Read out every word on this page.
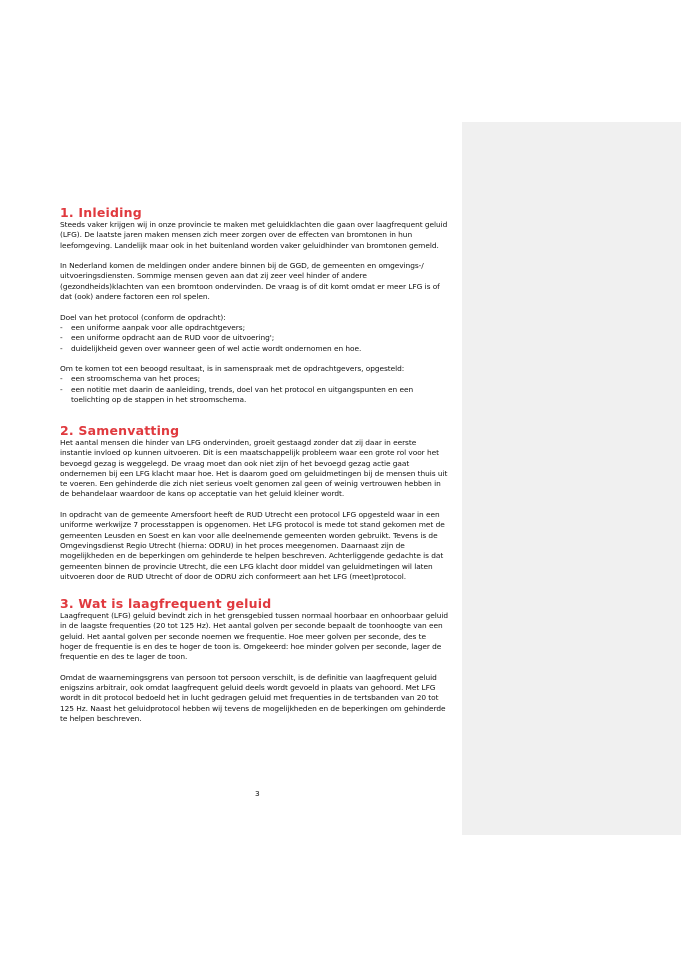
1. Inleiding
Steeds vaker krijgen wij in onze provincie te maken met geluidklachten die gaan over laagfrequent geluid
(LFG). De laatste jaren maken mensen zich meer zorgen over de effecten van bromtonen in hun
leefomgeving. Landelijk maar ook in het buitenland worden vaker geluidhinder van bromtonen gemeld.
In Nederland komen de meldingen onder andere binnen bij de GGD, de gemeenten en omgevings-/
uitvoeringsdiensten. Sommige mensen geven aan dat zij zeer veel hinder of andere
(gezondheids)klachten van een bromtoon ondervinden. De vraag is of dit komt omdat er meer LFG is of
dat (ook) andere factoren een rol spelen.
Doel van het protocol (conform de opdracht):
-	een uniforme aanpak voor alle opdrachtgevers;
-	een uniforme opdracht aan de RUD voor de uitvoering';
-	duidelijkheid geven over wanneer geen of wel actie wordt ondernomen en hoe.
Om te komen tot een beoogd resultaat, is in samenspraak met de opdrachtgevers, opgesteld:
-	een stroomschema van het proces;
-	een notitie met daarin de aanleiding, trends, doel van het protocol en uitgangspunten en een
toelichting op de stappen in het stroomschema.
2. Samenvatting
Het aantal mensen die hinder van LFG ondervinden, groeit gestaagd zonder dat zij daar in eerste
instantie invloed op kunnen uitvoeren. Dit is een maatschappelijk probleem waar een grote rol voor het
bevoegd gezag is weggelegd. De vraag moet dan ook niet zijn of het bevoegd gezag actie gaat
ondernemen bij een LFG klacht maar hoe. Het is daarom goed om geluidmetingen bij de mensen thuis uit
te voeren. Een gehinderde die zich niet serieus voelt genomen zal geen of weinig vertrouwen hebben in
de behandelaar waardoor de kans op acceptatie van het geluid kleiner wordt.
In opdracht van de gemeente Amersfoort heeft de RUD Utrecht een protocol LFG opgesteld waar in een
uniforme werkwijze 7 processtappen is opgenomen. Het LFG protocol is mede tot stand gekomen met de
gemeenten Leusden en Soest en kan voor alle deelnemende gemeenten worden gebruikt. Tevens is de
Omgevingsdienst Regio Utrecht (hierna: ODRU) in het proces meegenomen. Daarnaast zijn de
mogelijkheden en de beperkingen om gehinderde te helpen beschreven. Achterliggende gedachte is dat
gemeenten binnen de provincie Utrecht, die een LFG klacht door middel van geluidmetingen wil laten
uitvoeren door de RUD Utrecht of door de ODRU zich conformeert aan het LFG (meet)protocol.
3. Wat is laagfrequent geluid
Laagfrequent (LFG) geluid bevindt zich in het grensgebied tussen normaal hoorbaar en onhoorbaar geluid
in de laagste frequenties (20 tot 125 Hz). Het aantal golven per seconde bepaalt de toonhoogte van een
geluid. Het aantal golven per seconde noemen we frequentie. Hoe meer golven per seconde, des te
hoger de frequentie is en des te hoger de toon is. Omgekeerd: hoe minder golven per seconde, lager de
frequentie en des te lager de toon.
Omdat de waarnemingsgrens van persoon tot persoon verschilt, is de definitie van laagfrequent geluid
enigszins arbitrair, ook omdat laagfrequent geluid deels wordt gevoeld in plaats van gehoord. Met LFG
wordt in dit protocol bedoeld het in lucht gedragen geluid met frequenties in de tertsbanden van 20 tot
125 Hz. Naast het geluidprotocol hebben wij tevens de mogelijkheden en de beperkingen om gehinderde
te helpen beschreven.
3
